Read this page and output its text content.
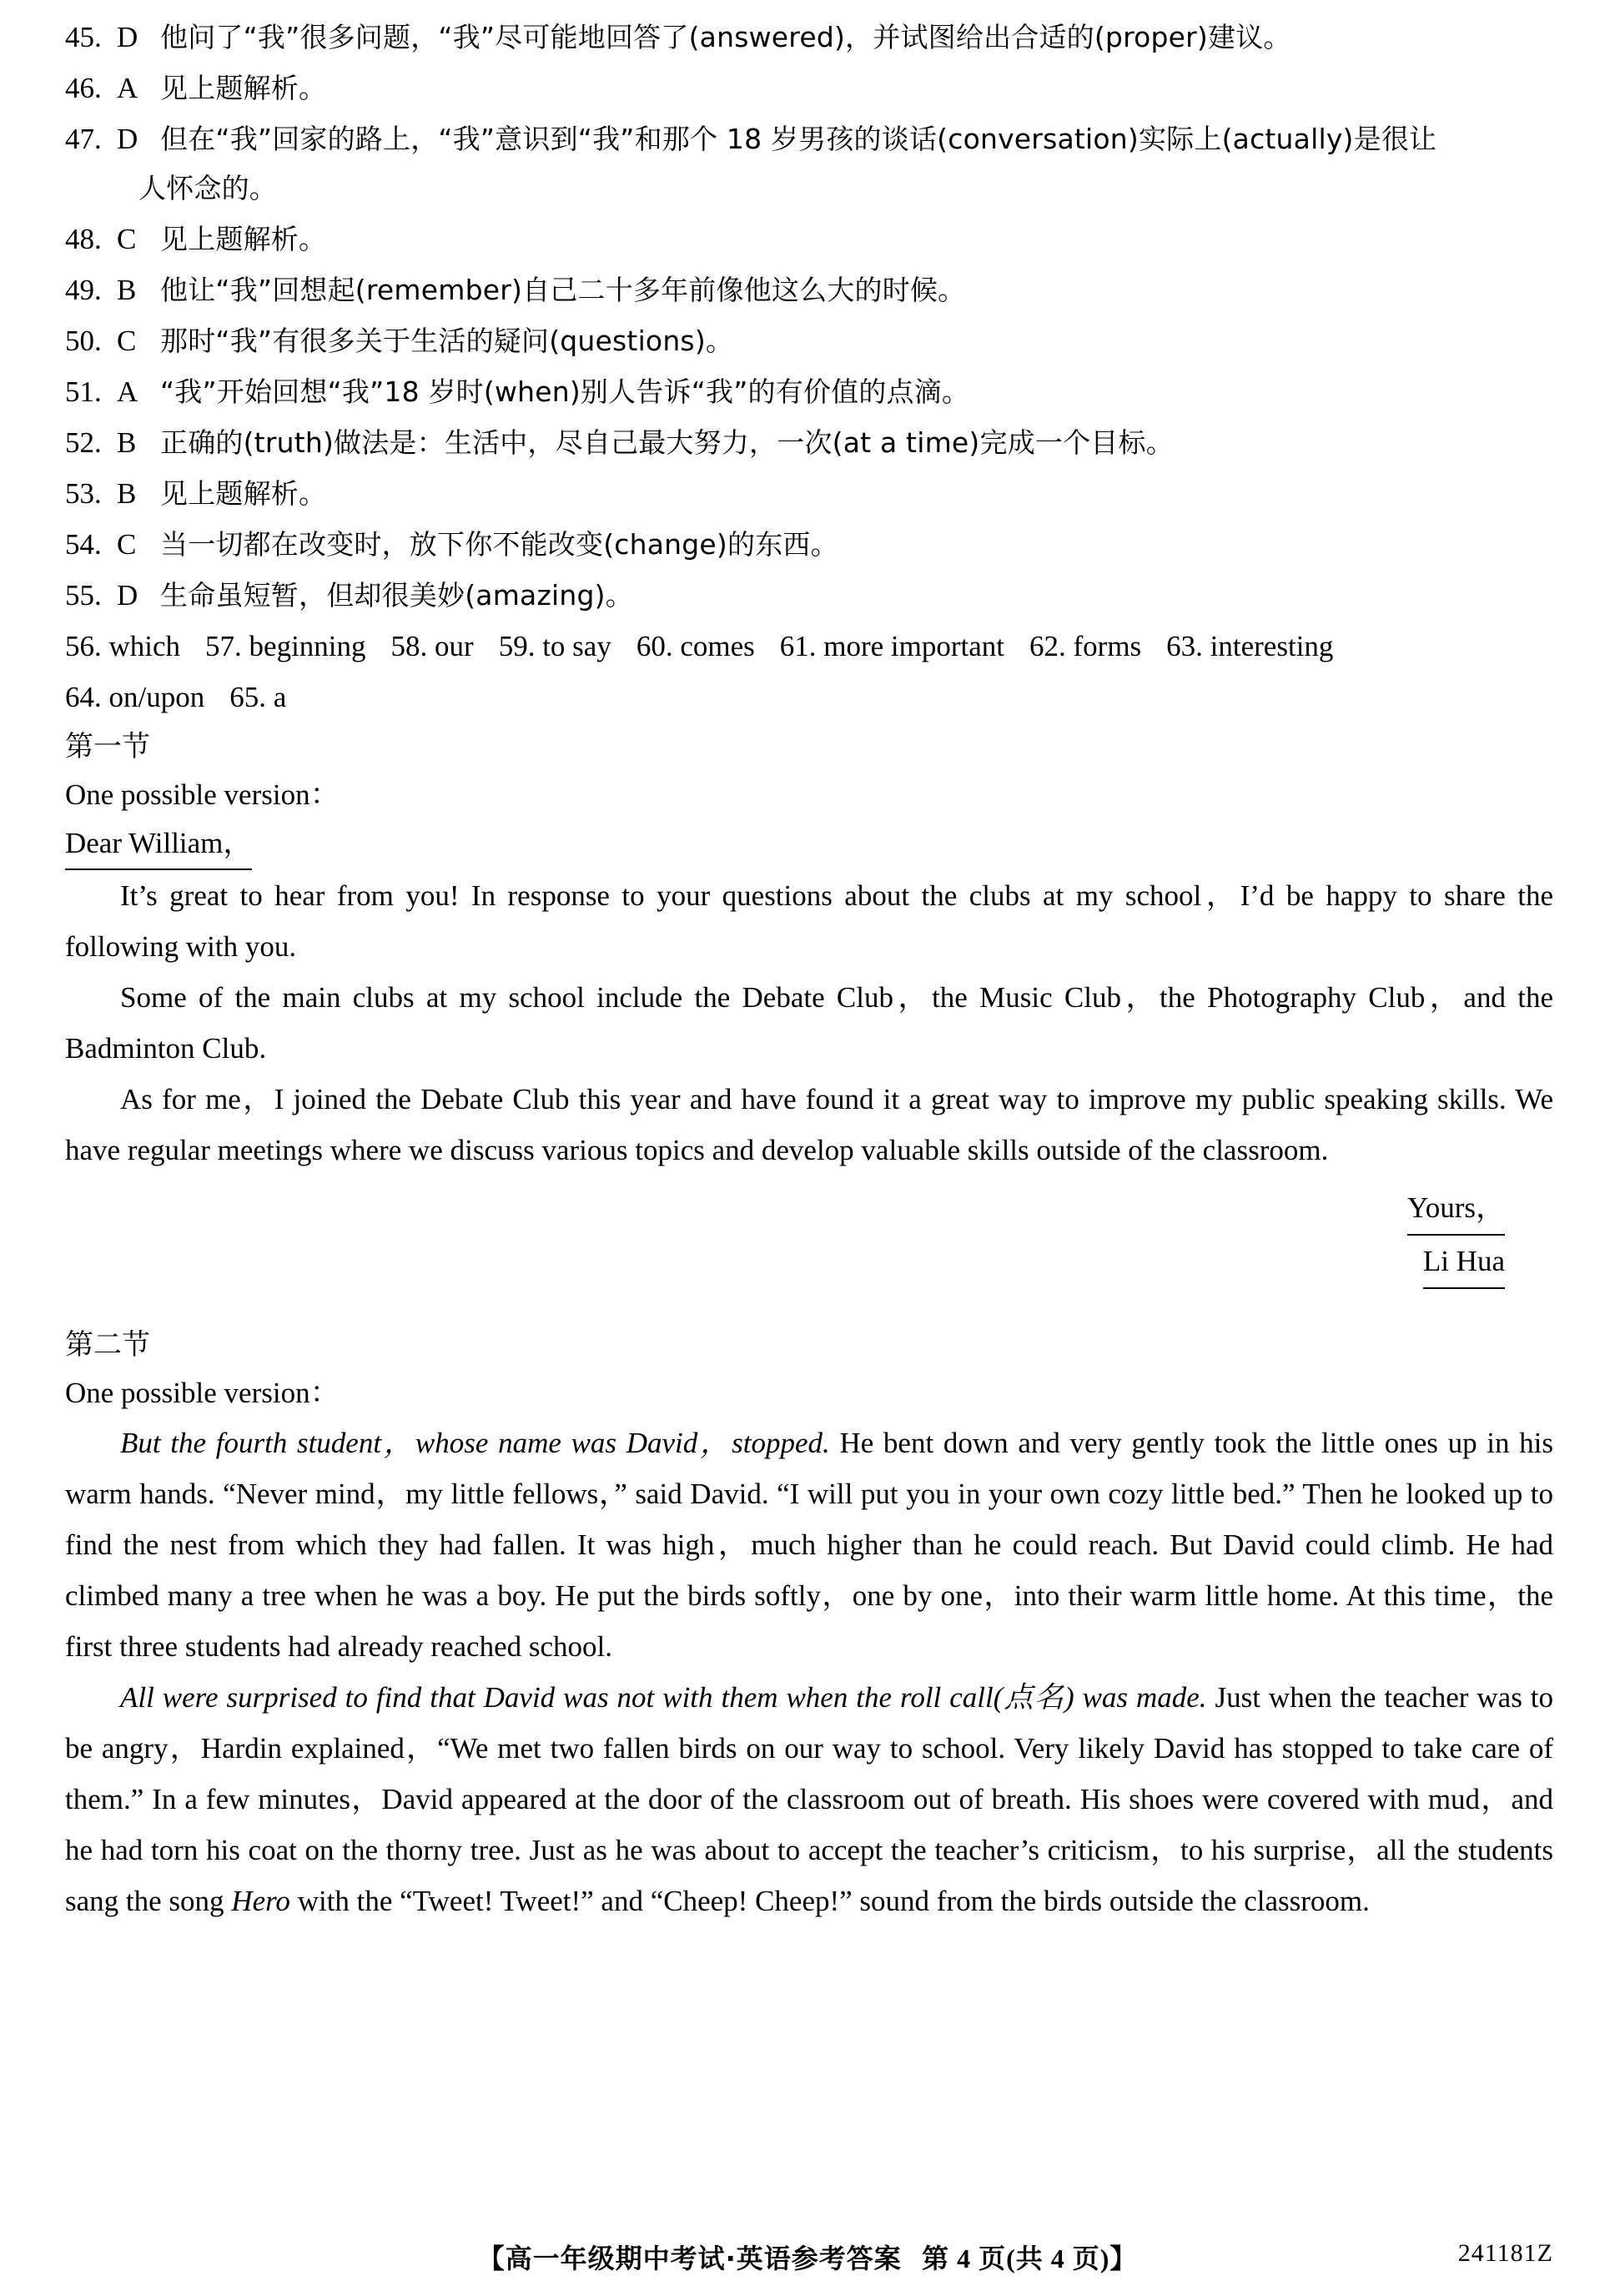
45. D 他问了“我”很多问题，“我”尽可能地回答了(answered)，并试图给出合适的(proper)建议。
46. A 见上题解析。
47. D 但在“我”回家的路上，“我”意识到“我”和那个 18 岁男孩的谈话(conversation)实际上(actually)是很让
人怀念的。
48. C 见上题解析。
49. B 他让“我”回想起(remember)自己二十多年前像他这么大的时候。
50. C 那时“我”有很多关于生活的疑问(questions)。
51. A “我”开始回想“我”18 岁时(when)别人告诉“我”的有价值的点滴。
52. B 正确的(truth)做法是：生活中，尽自己最大努力，一次(at a time)完成一个目标。
53. B 见上题解析。
54. C 当一切都在改变时，放下你不能改变(change)的东西。
55. D 生命虽短暂，但却很美妙(amazing)。
56. which 57. beginning 58. our 59. to say 60. comes 61. more important 62. forms 63. interesting
64. on/upon 65. a
第一节
One possible version：
Dear William，

It’s great to hear from you! In response to your questions about the clubs at my school，I’d be happy to share the following with you.

Some of the main clubs at my school include the Debate Club，the Music Club，the Photography Club，and the Badminton Club.

As for me，I joined the Debate Club this year and have found it a great way to improve my public speaking skills. We have regular meetings where we discuss various topics and develop valuable skills outside of the classroom.

Yours，
Li Hua
第二节
One possible version：

But the fourth student，whose name was David，stopped. He bent down and very gently took the little ones up in his warm hands. “Never mind，my little fellows，” said David. “I will put you in your own cozy little bed.” Then he looked up to find the nest from which they had fallen. It was high，much higher than he could reach. But David could climb. He had climbed many a tree when he was a boy. He put the birds softly，one by one，into their warm little home. At this time，the first three students had already reached school.

All were surprised to find that David was not with them when the roll call(点名) was made. Just when the teacher was to be angry，Hardin explained，“We met two fallen birds on our way to school. Very likely David has stopped to take care of them.” In a few minutes，David appeared at the door of the classroom out of breath. His shoes were covered with mud，and he had torn his coat on the thorny tree. Just as he was about to accept the teacher’s criticism，to his surprise，all the students sang the song Hero with the “Tweet! Tweet!” and “Cheep! Cheep!” sound from the birds outside the classroom.

【高一年级期中考试·英语参考答案 第 4 页(共 4 页)】	241181Z
